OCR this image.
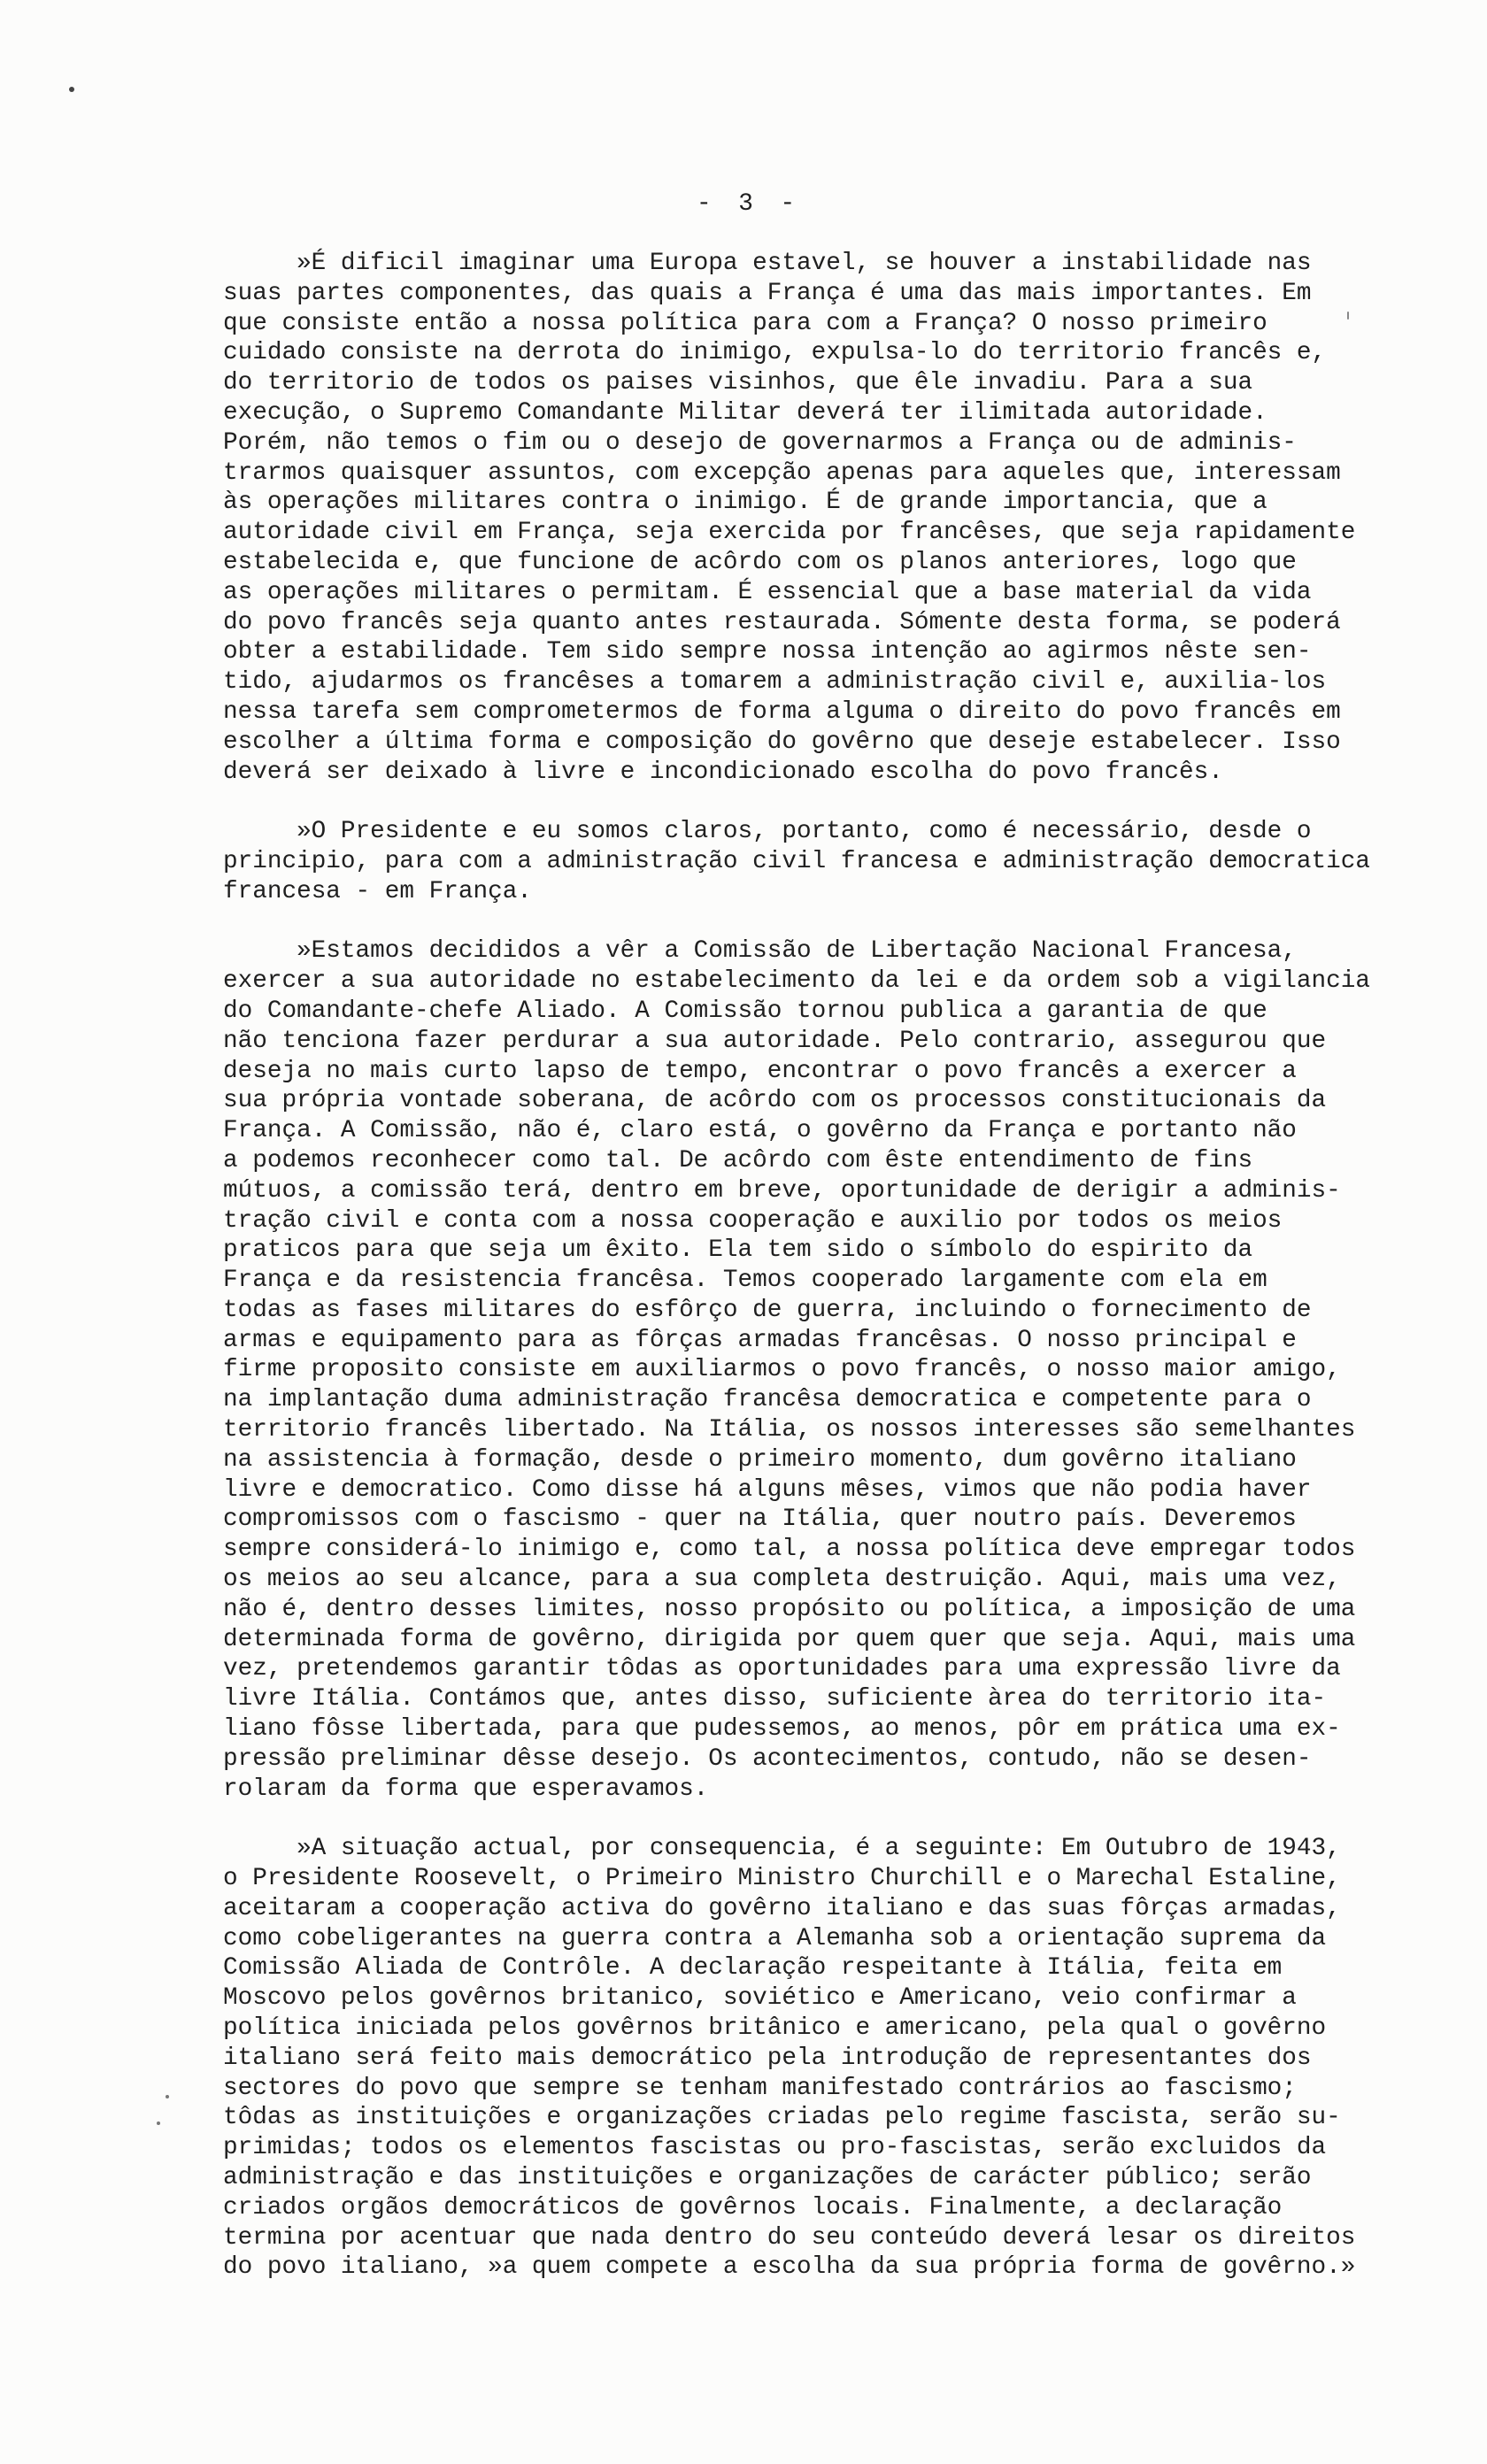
- 3 -
»É dificil imaginar uma Europa estavel, se houver a instabilidade nas
suas partes componentes, das quais a França é uma das mais importantes. Em
que consiste então a nossa política para com a França? O nosso primeiro
cuidado consiste na derrota do inimigo, expulsa-lo do territorio francês e,
do territorio de todos os paises visinhos, que êle invadiu. Para a sua
execução, o Supremo Comandante Militar deverá ter ilimitada autoridade.
Porém, não temos o fim ou o desejo de governarmos a França ou de adminis-
trarmos quaisquer assuntos, com excepção apenas para aqueles que, interessam
às operações militares contra o inimigo. É de grande importancia, que a
autoridade civil em França, seja exercida por francêses, que seja rapidamente
estabelecida e, que funcione de acôrdo com os planos anteriores, logo que
as operações militares o permitam. É essencial que a base material da vida
do povo francês seja quanto antes restaurada. Sómente desta forma, se poderá
obter a estabilidade. Tem sido sempre nossa intenção ao agirmos nêste sen-
tido, ajudarmos os francêses a tomarem a administração civil e, auxilia-los
nessa tarefa sem comprometermos de forma alguma o direito do povo francês em
escolher a última forma e composição do govêrno que deseje estabelecer. Isso
deverá ser deixado à livre e incondicionado escolha do povo francês.
»O Presidente e eu somos claros, portanto, como é necessário, desde o
principio, para com a administração civil francesa e administração democratica
francesa - em França.
»Estamos decididos a vêr a Comissão de Libertação Nacional Francesa,
exercer a sua autoridade no estabelecimento da lei e da ordem sob a vigilancia
do Comandante-chefe Aliado. A Comissão tornou publica a garantia de que
não tenciona fazer perdurar a sua autoridade. Pelo contrario, assegurou que
deseja no mais curto lapso de tempo, encontrar o povo francês a exercer a
sua própria vontade soberana, de acôrdo com os processos constitucionais da
França. A Comissão, não é, claro está, o govêrno da França e portanto não
a podemos reconhecer como tal. De acôrdo com êste entendimento de fins
mútuos, a comissão terá, dentro em breve, oportunidade de derigir a adminis-
tração civil e conta com a nossa cooperação e auxilio por todos os meios
praticos para que seja um êxito. Ela tem sido o símbolo do espirito da
França e da resistencia francêsa. Temos cooperado largamente com ela em
todas as fases militares do esfôrço de guerra, incluindo o fornecimento de
armas e equipamento para as fôrças armadas francêsas. O nosso principal e
firme proposito consiste em auxiliarmos o povo francês, o nosso maior amigo,
na implantação duma administração francêsa democratica e competente para o
territorio francês libertado. Na Itália, os nossos interesses são semelhantes
na assistencia à formação, desde o primeiro momento, dum govêrno italiano
livre e democratico. Como disse há alguns mêses, vimos que não podia haver
compromissos com o fascismo - quer na Itália, quer noutro país. Deveremos
sempre considerá-lo inimigo e, como tal, a nossa política deve empregar todos
os meios ao seu alcance, para a sua completa destruição. Aqui, mais uma vez,
não é, dentro desses limites, nosso propósito ou política, a imposição de uma
determinada forma de govêrno, dirigida por quem quer que seja. Aqui, mais uma
vez, pretendemos garantir tôdas as oportunidades para uma expressão livre da
livre Itália. Contámos que, antes disso, suficiente àrea do territorio ita-
liano fôsse libertada, para que pudessemos, ao menos, pôr em prática uma ex-
pressão preliminar dêsse desejo. Os acontecimentos, contudo, não se desen-
rolaram da forma que esperavamos.
»A situação actual, por consequencia, é a seguinte: Em Outubro de 1943,
o Presidente Roosevelt, o Primeiro Ministro Churchill e o Marechal Estaline,
aceitaram a cooperação activa do govêrno italiano e das suas fôrças armadas,
como cobeligerantes na guerra contra a Alemanha sob a orientação suprema da
Comissão Aliada de Contrôle. A declaração respeitante à Itália, feita em
Moscovo pelos govêrnos britanico, soviético e Americano, veio confirmar a
política iniciada pelos govêrnos britânico e americano, pela qual o govêrno
italiano será feito mais democrático pela introdução de representantes dos
sectores do povo que sempre se tenham manifestado contrários ao fascismo;
tôdas as instituições e organizações criadas pelo regime fascista, serão su-
primidas; todos os elementos fascistas ou pro-fascistas, serão excluidos da
administração e das instituições e organizações de carácter público; serão
criados orgãos democráticos de govêrnos locais. Finalmente, a declaração
termina por acentuar que nada dentro do seu conteúdo deverá lesar os direitos
do povo italiano, »a quem compete a escolha da sua própria forma de govêrno.»
